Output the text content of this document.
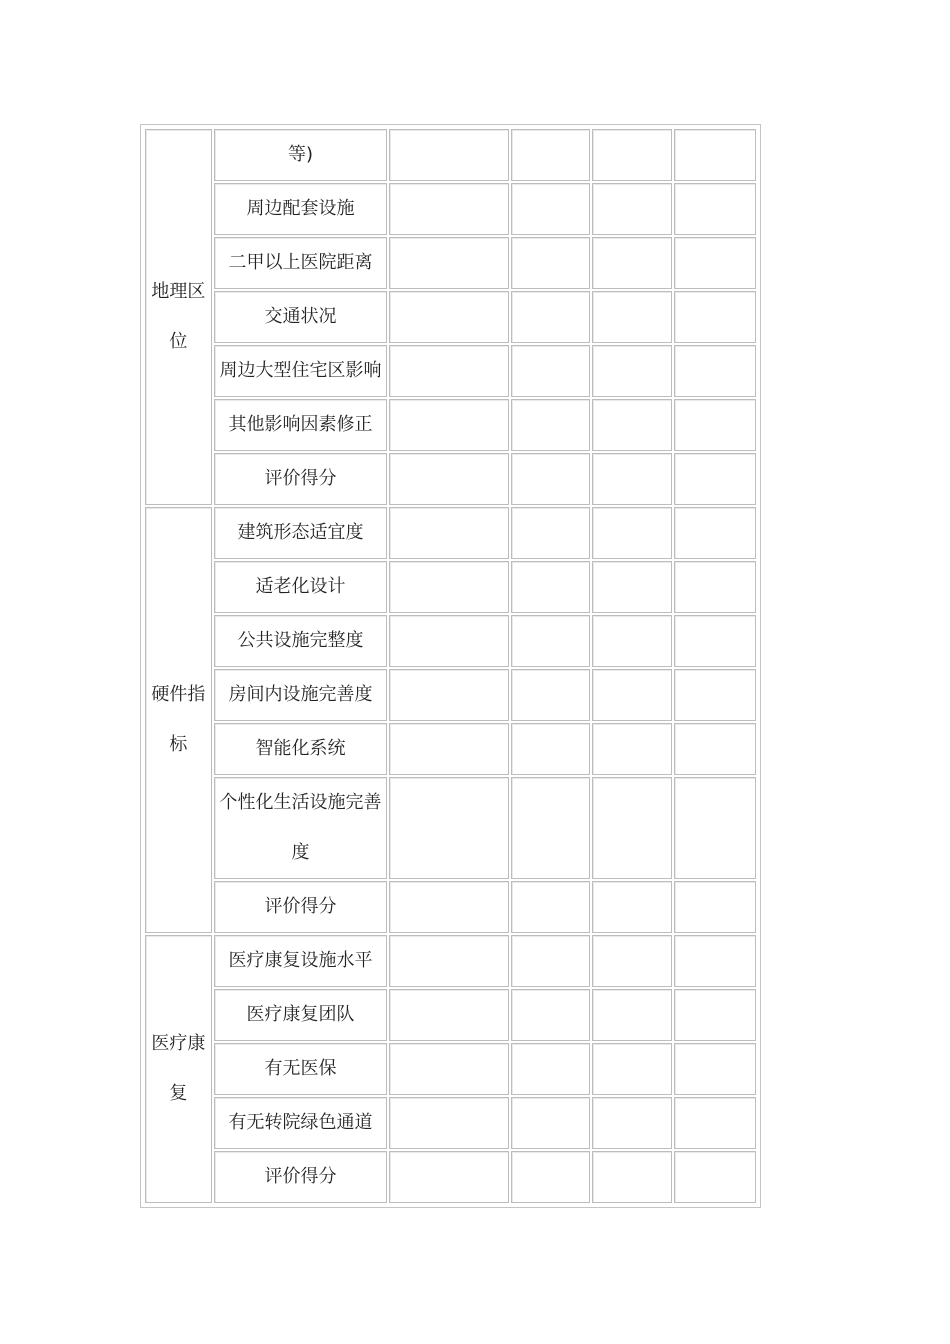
地理区位	等)				
	周边配套设施				
	二甲以上医院距离				
	交通状况				
	周边大型住宅区影响				
	其他影响因素修正				
	评价得分				
硬件指标	建筑形态适宜度				
	适老化设计				
	公共设施完整度				
	房间内设施完善度				
	智能化系统				
	个性化生活设施完善度				
	评价得分				
医疗康复	医疗康复设施水平				
	医疗康复团队				
	有无医保				
	有无转院绿色通道				
	评价得分				
